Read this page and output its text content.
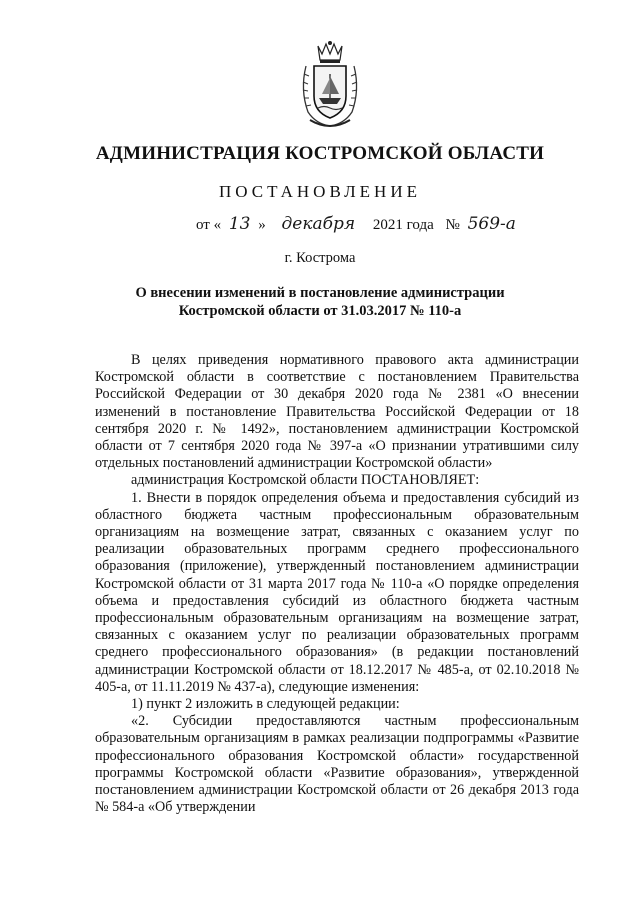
АДМИНИСТРАЦИЯ КОСТРОМСКОЙ ОБЛАСТИ
ПОСТАНОВЛЕНИЕ
от « 13 » декабря 2021 года № 569-а
г. Кострома
О внесении изменений в постановление администрации
Костромской области от 31.03.2017 № 110-а

В целях приведения нормативного правового акта администрации Костромской области в соответствие с постановлением Правительства Российской Федерации от 30 декабря 2020 года № 2381 «О внесении изменений в постановление Правительства Российской Федерации от 18 сентября 2020 г. № 1492», постановлением администрации Костромской области от 7 сентября 2020 года № 397-а «О признании утратившими силу отдельных постановлений администрации Костромской области»

администрация Костромской области ПОСТАНОВЛЯЕТ:

1. Внести в порядок определения объема и предоставления субсидий из областного бюджета частным профессиональным образовательным организациям на возмещение затрат, связанных с оказанием услуг по реализации образовательных программ среднего профессионального образования (приложение), утвержденный постановлением администрации Костромской области от 31 марта 2017 года № 110-а «О порядке определения объема и предоставления субсидий из областного бюджета частным профессиональным образовательным организациям на возмещение затрат, связанных с оказанием услуг по реализации образовательных программ среднего профессионального образования» (в редакции постановлений администрации Костромской области от 18.12.2017 № 485-а, от 02.10.2018 № 405-а, от 11.11.2019 № 437-а), следующие изменения:

1) пункт 2 изложить в следующей редакции:

«2. Субсидии предоставляются частным профессиональным образовательным организациям в рамках реализации подпрограммы «Развитие профессионального образования Костромской области» государственной программы Костромской области «Развитие образования», утвержденной постановлением администрации Костромской области от 26 декабря 2013 года № 584-а «Об утверждении
